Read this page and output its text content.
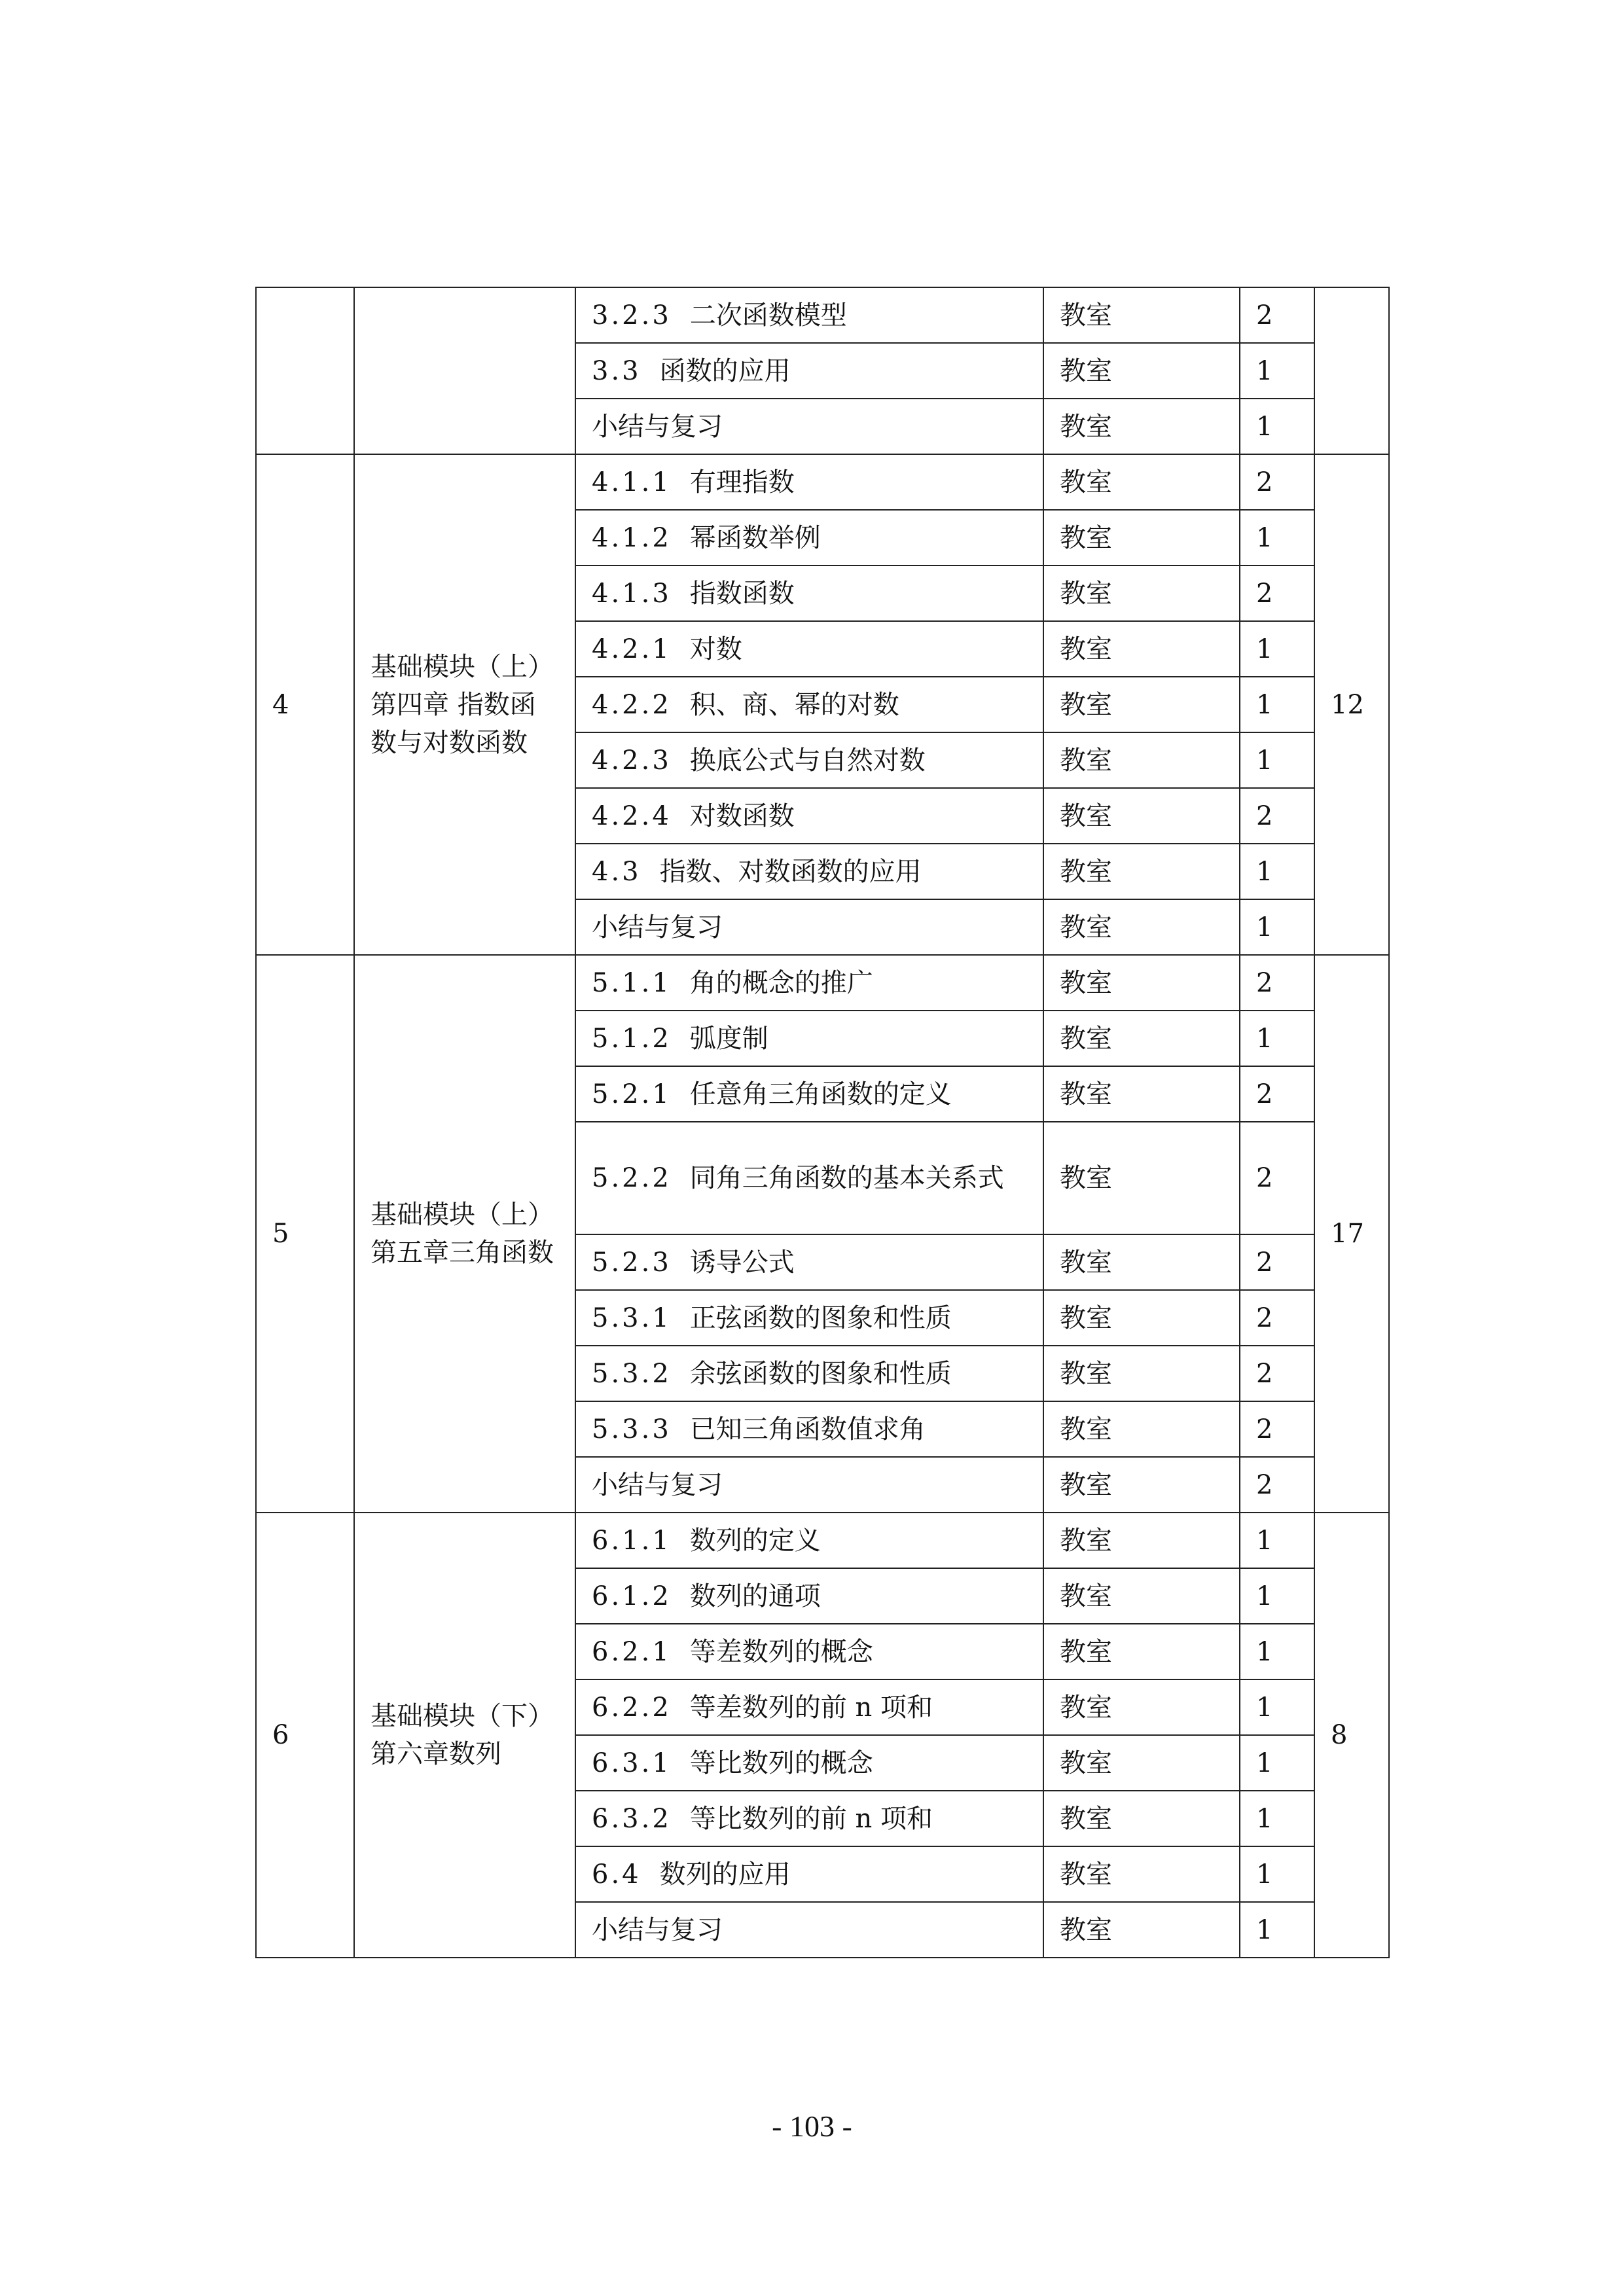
		3.2.3 二次函数模型	教室	2	
		3.3 函数的应用	教室	1	
		小结与复习	教室	1	
4	基础模块（上）第四章 指数函数与对数函数	4.1.1 有理指数	教室	2	12
		4.1.2 幂函数举例	教室	1	
		4.1.3 指数函数	教室	2	
		4.2.1 对数	教室	1	
		4.2.2 积、商、幂的对数	教室	1	
		4.2.3 换底公式与自然对数	教室	1	
		4.2.4 对数函数	教室	2	
		4.3 指数、对数函数的应用	教室	1	
		小结与复习	教室	1	
5	基础模块（上）第五章三角函数	5.1.1 角的概念的推广	教室	2	17
		5.1.2 弧度制	教室	1	
		5.2.1 任意角三角函数的定义	教室	2	
		5.2.2 同角三角函数的基本关系式	教室	2	
		5.2.3 诱导公式	教室	2	
		5.3.1 正弦函数的图象和性质	教室	2	
		5.3.2 余弦函数的图象和性质	教室	2	
		5.3.3 已知三角函数值求角	教室	2	
		小结与复习	教室	2	
6	基础模块（下）第六章数列	6.1.1 数列的定义	教室	1	8
		6.1.2 数列的通项	教室	1	
		6.2.1 等差数列的概念	教室	1	
		6.2.2 等差数列的前 n 项和	教室	1	
		6.3.1 等比数列的概念	教室	1	
		6.3.2 等比数列的前 n 项和	教室	1	
		6.4 数列的应用	教室	1	
		小结与复习	教室	1	
- 103 -
